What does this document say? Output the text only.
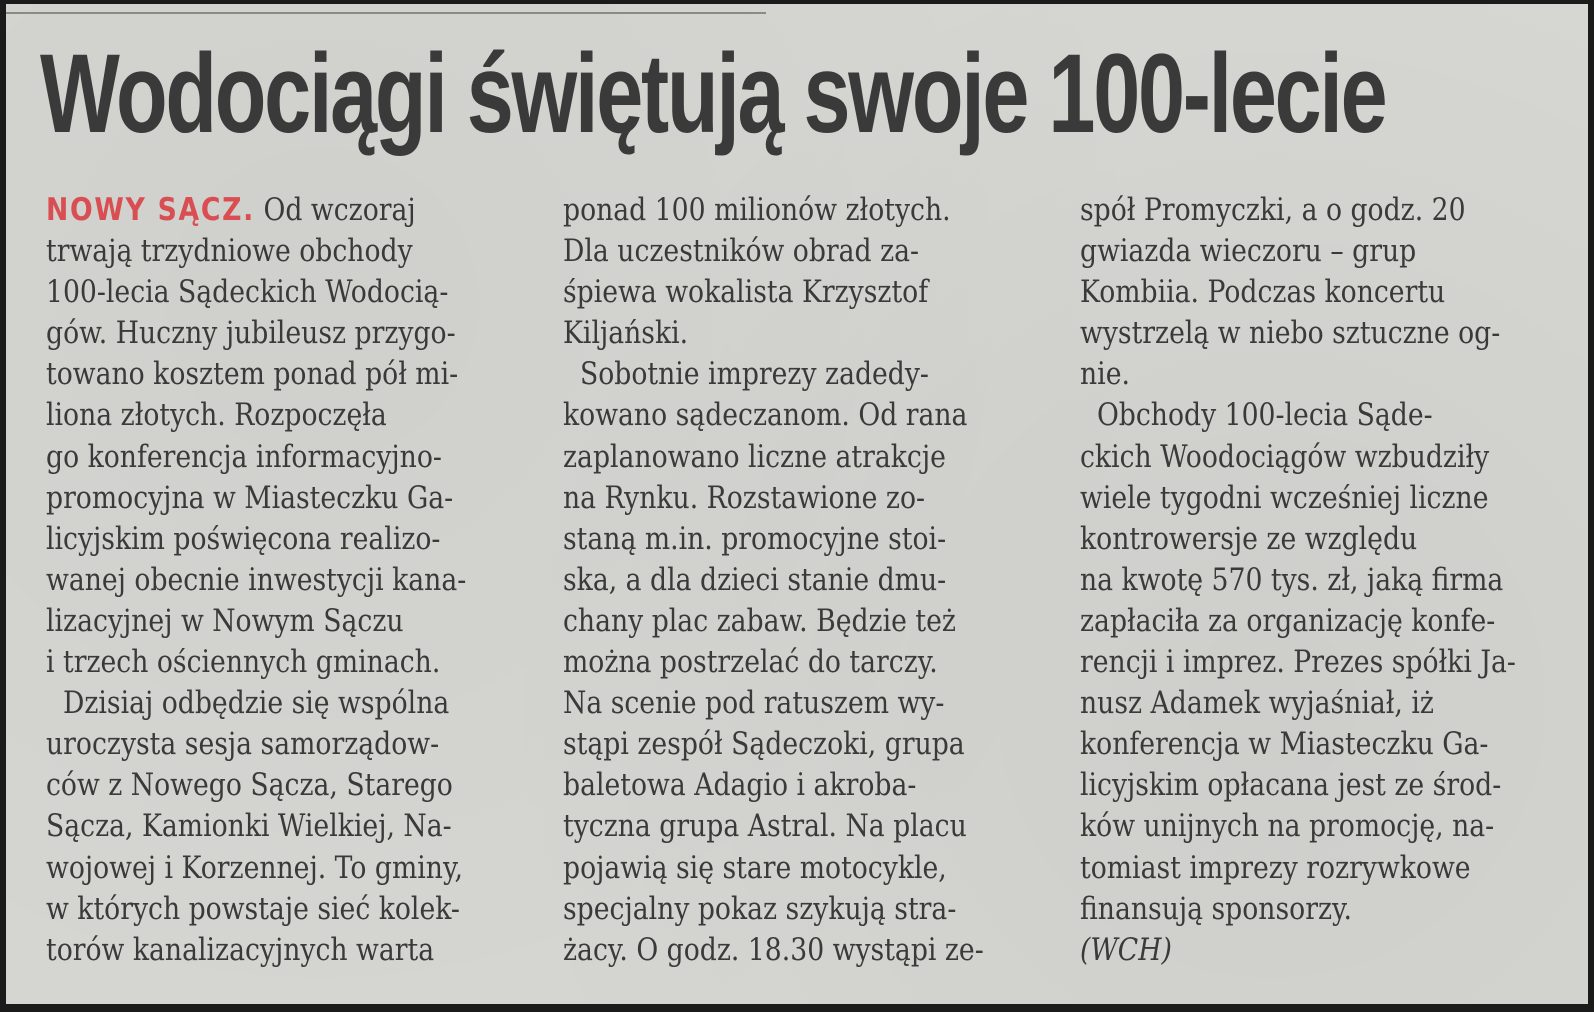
Wodociągi świętują swoje 100-lecie

NOWY SĄCZ. Od wczoraj
trwają trzydniowe obchody
100-lecia Sądeckich Wodocią-
gów. Huczny jubileusz przygo-
towano kosztem ponad pół mi-
liona złotych. Rozpoczęła
go konferencja informacyjno-
promocyjna w Miasteczku Ga-
licyjskim poświęcona realizo-
wanej obecnie inwestycji kana-
lizacyjnej w Nowym Sączu
i trzech ościennych gminach.
Dzisiaj odbędzie się wspólna
uroczysta sesja samorządow-
cόw z Nowego Sącza, Starego
Sącza, Kamionki Wielkiej, Na-
wojowej i Korzennej. To gminy,
w których powstaje sieć kolek-
torów kanalizacyjnych warta

ponad 100 milionów złotych.
Dla uczestników obrad za-
śpiewa wokalista Krzysztof
Kiljański.
Sobotnie imprezy zadedy-
kowano sądeczanom. Od rana
zaplanowano liczne atrakcje
na Rynku. Rozstawione zo-
staną m.in. promocyjne stoi-
ska, a dla dzieci stanie dmu-
chany plac zabaw. Będzie też
można postrzelać do tarczy.
Na scenie pod ratuszem wy-
stąpi zespół Sądeczoki, grupa
baletowa Adagio i akroba-
tyczna grupa Astral. Na placu
pojawią się stare motocykle,
specjalny pokaz szykują stra-
żacy. O godz. 18.30 wystąpi ze-

spół Promyczki, a o godz. 20
gwiazda wieczoru – grup
Kombiia. Podczas koncertu
wystrzelą w niebo sztuczne og-
nie.
Obchody 100-lecia Sąde-
ckich Woodociągów wzbudziły
wiele tygodni wcześniej liczne
kontrowersje ze względu
na kwotę 570 tys. zł, jaką firma
zapłaciła za organizację konfe-
rencji i imprez. Prezes spółki Ja-
nusz Adamek wyjaśniał, iż
konferencja w Miasteczku Ga-
licyjskim opłacana jest ze środ-
ków unijnych na promocję, na-
tomiast imprezy rozrywkowe
finansują sponsorzy.
(WCH)
